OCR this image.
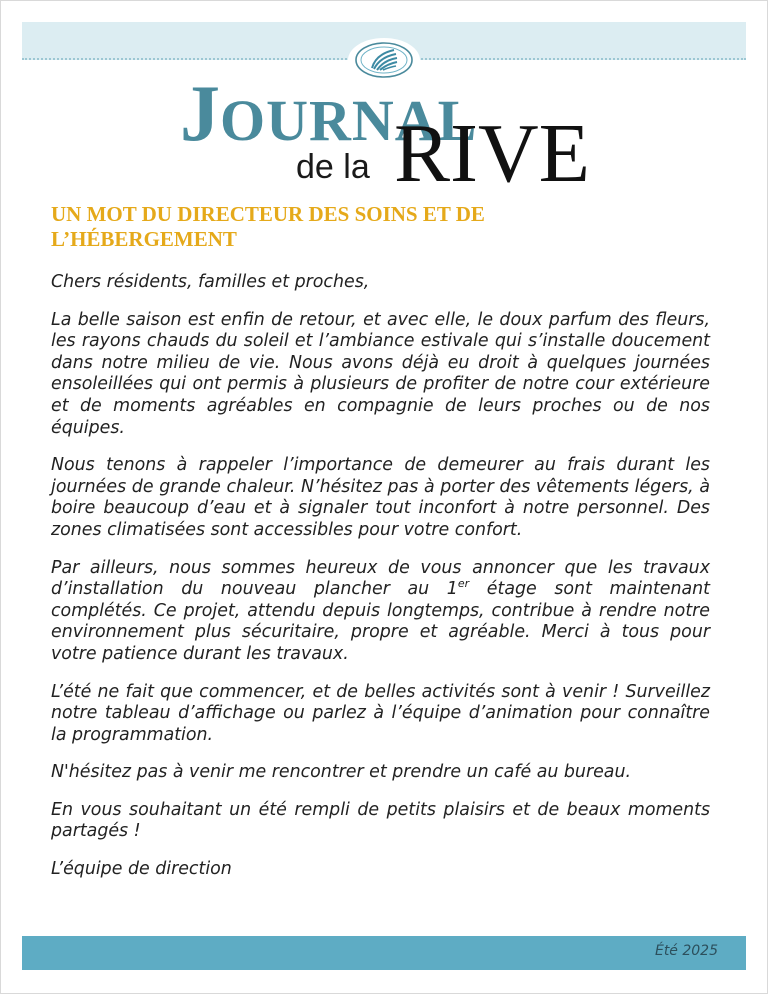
JOURNAL
de la RIVE
UN MOT DU DIRECTEUR DES SOINS ET DE L’HÉBERGEMENT

Chers résidents, familles et proches,

La belle saison est enfin de retour, et avec elle, le doux parfum des fleurs, les rayons chauds du soleil et l’ambiance estivale qui s’installe doucement dans notre milieu de vie. Nous avons déjà eu droit à quelques journées ensoleillées qui ont permis à plusieurs de profiter de notre cour extérieure et de moments agréables en compagnie de leurs proches ou de nos équipes.

Nous tenons à rappeler l’importance de demeurer au frais durant les journées de grande chaleur. N’hésitez pas à porter des vêtements légers, à boire beaucoup d’eau et à signaler tout inconfort à notre personnel. Des zones climatisées sont accessibles pour votre confort.

Par ailleurs, nous sommes heureux de vous annoncer que les travaux d’installation du nouveau plancher au 1er étage sont maintenant complétés. Ce projet, attendu depuis longtemps, contribue à rendre notre environnement plus sécuritaire, propre et agréable. Merci à tous pour votre patience durant les travaux.

L’été ne fait que commencer, et de belles activités sont à venir ! Surveillez notre tableau d’affichage ou parlez à l’équipe d’animation pour connaître la programmation.

N'hésitez pas à venir me rencontrer et prendre un café au bureau.

En vous souhaitant un été rempli de petits plaisirs et de beaux moments partagés !

L’équipe de direction

Été 2025
